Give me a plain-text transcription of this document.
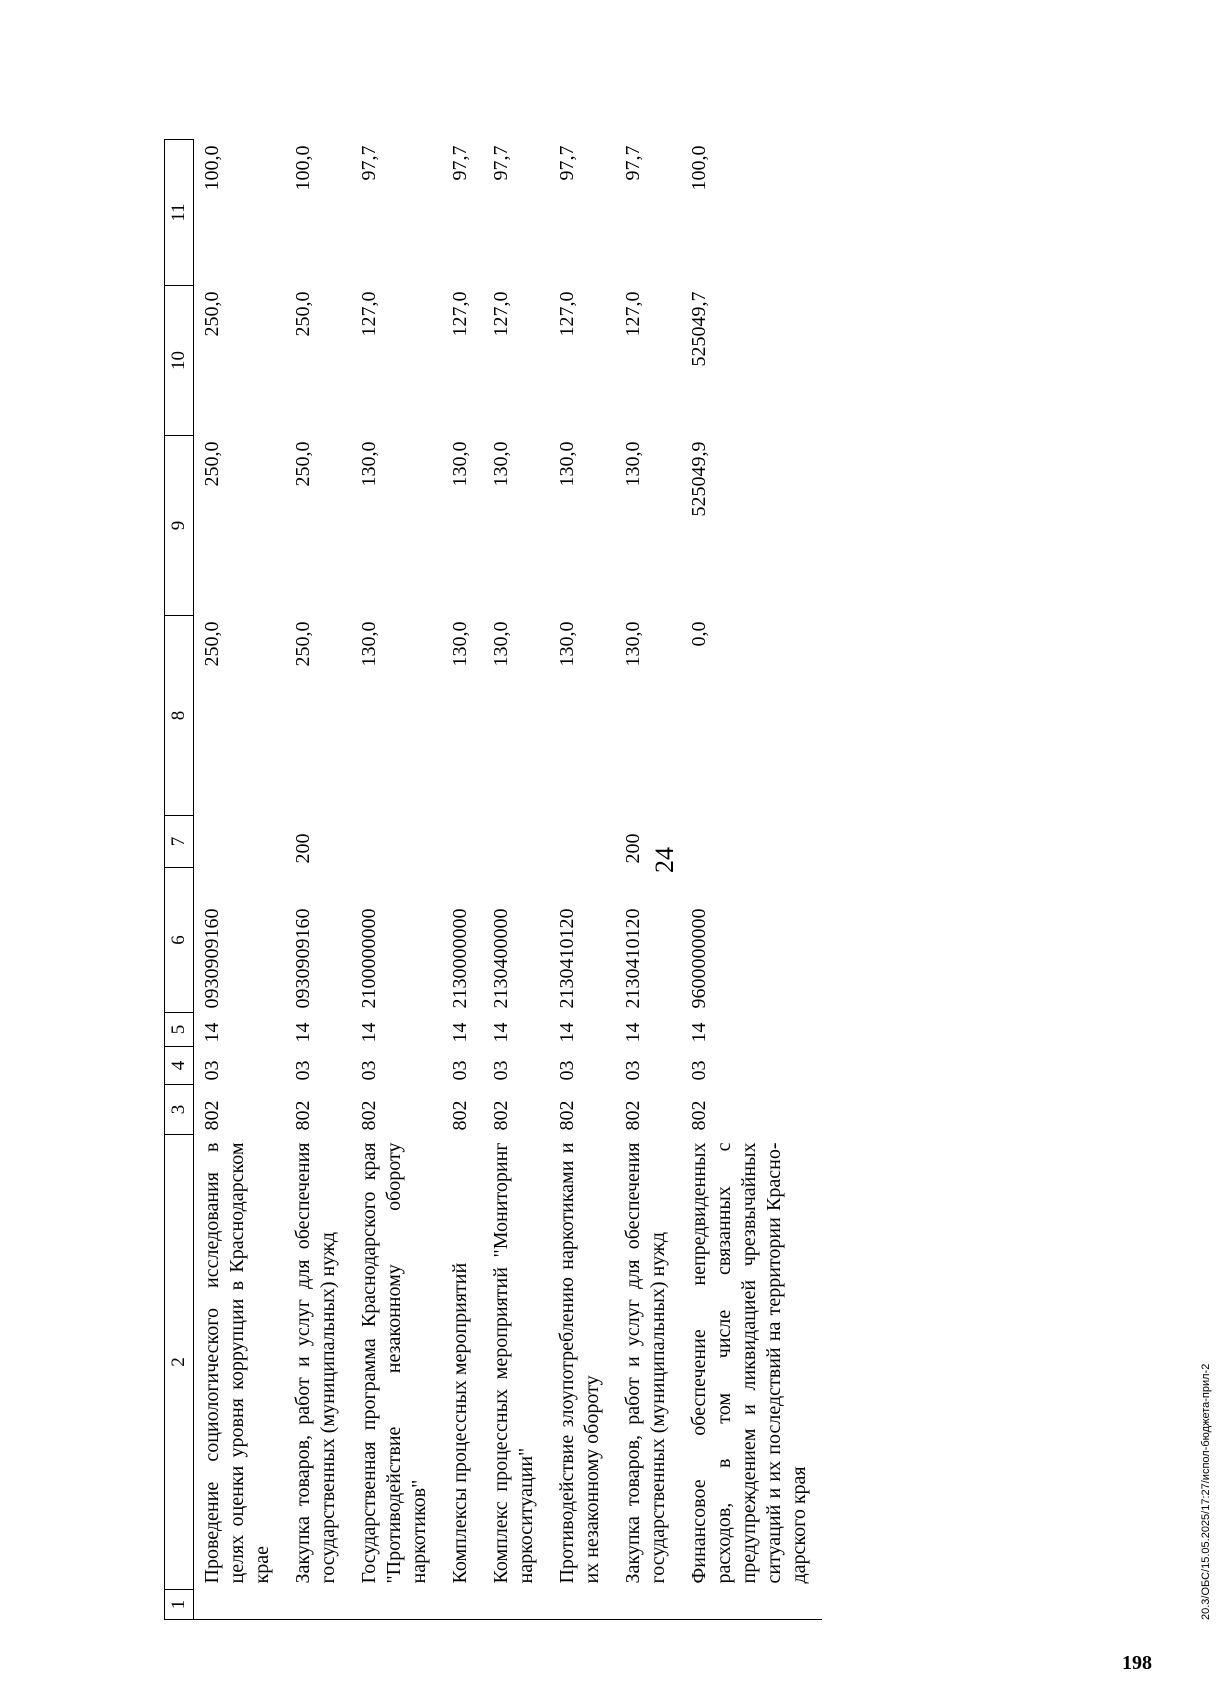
24

1	2	3	4	5	6	7	8	9	10	11
	Проведение социологического исследования в целях оценки уровня коррупции в Краснодарском крае	802	03	14	0930909160		250,0	250,0	250,0	100,0
	Закупка товаров, работ и услуг для обеспечения государственных (муниципальных) нужд	802	03	14	0930909160	200	250,0	250,0	250,0	100,0
	Государственная программа Краснодарского края "Противодействие незаконному обороту наркотиков"	802	03	14	2100000000		130,0	130,0	127,0	97,7
	Комплексы процессных мероприятий	802	03	14	2130000000		130,0	130,0	127,0	97,7
	Комплекс процессных мероприятий "Мониторинг наркоситуации"	802	03	14	2130400000		130,0	130,0	127,0	97,7
	Противодействие злоупотреблению наркотиками и их незаконному обороту	802	03	14	2130410120		130,0	130,0	127,0	97,7
	Закупка товаров, работ и услуг для обеспечения государственных (муниципальных) нужд	802	03	14	2130410120	200	130,0	130,0	127,0	97,7
	Финансовое обеспечение непредвиденных расходов, в том числе связанных с предупреждением и ликвидацией чрезвычайных ситуаций и их последствий на территории Краснодарского края	802	03	14	9600000000		0,0	525049,9	525049,7	100,0
20.3/ОБС/15.05.2025/17:27/испол-бюджета-прил-2
198
